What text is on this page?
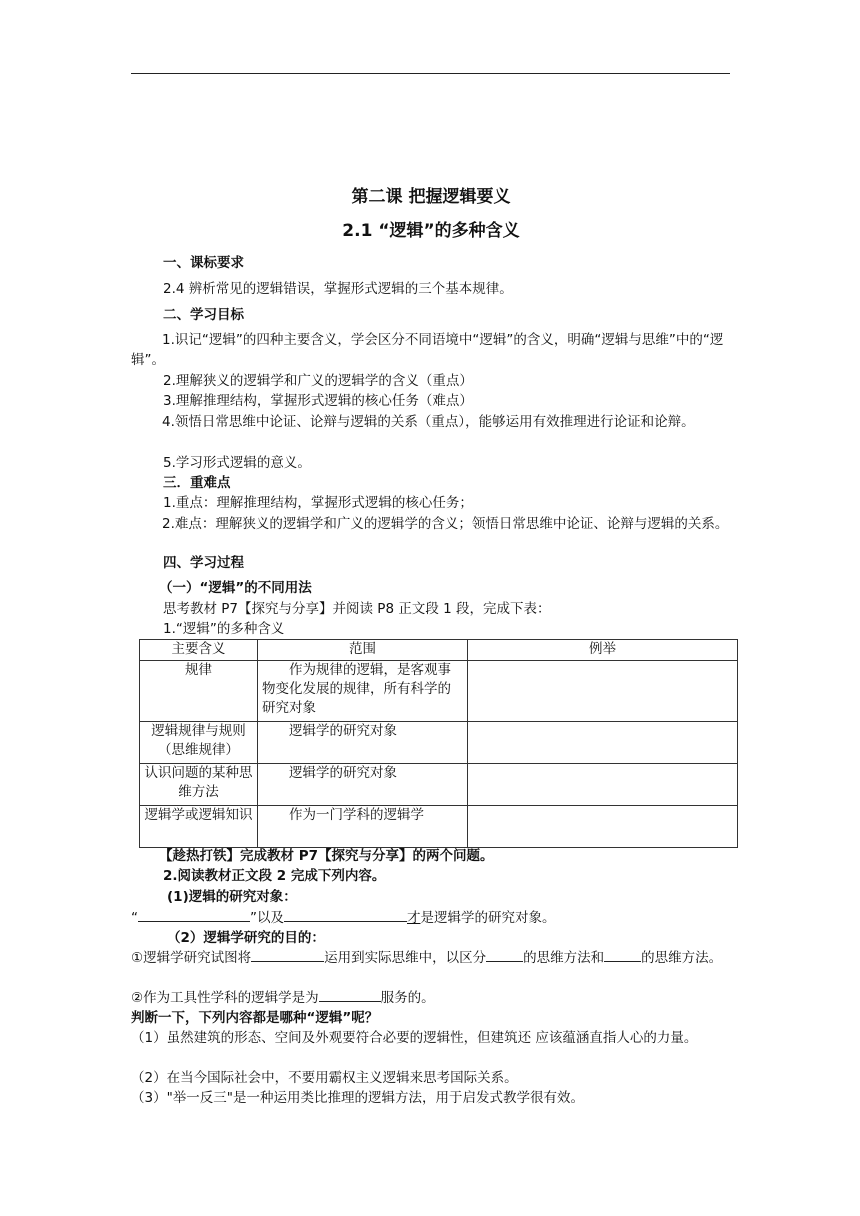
第二课 把握逻辑要义
2.1 “逻辑”的多种含义
一、课标要求
2.4 辨析常见的逻辑错误，掌握形式逻辑的三个基本规律。
二、学习目标
1.识记“逻辑”的四种主要含义，学会区分不同语境中“逻辑”的含义，明确“逻辑与思维”中的“逻辑”。
2.理解狭义的逻辑学和广义的逻辑学的含义（重点）
3.理解推理结构，掌握形式逻辑的核心任务（难点）
4.领悟日常思维中论证、论辩与逻辑的关系（重点），能够运用有效推理进行论证和论辩。
5.学习形式逻辑的意义。
三．重难点
1.重点：理解推理结构，掌握形式逻辑的核心任务；
2.难点：理解狭义的逻辑学和广义的逻辑学的含义；领悟日常思维中论证、论辩与逻辑的关系。
四、学习过程
（一）“逻辑”的不同用法
思考教材 P7【探究与分享】并阅读 P8 正文段 1 段，完成下表：
1.“逻辑”的多种含义
主要含义	范围	例举
规律	作为规律的逻辑，是客观事物变化发展的规律，所有科学的研究对象	
逻辑规律与规则（思维规律）	逻辑学的研究对象	
认识问题的某种思维方法	逻辑学的研究对象	
逻辑学或逻辑知识	作为一门学科的逻辑学	
【趁热打铁】完成教材 P7【探究与分享】的两个问题。
2.阅读教材正文段 2 完成下列内容。
(1)逻辑的研究对象：
“	”以及	才是逻辑学的研究对象。
（2）逻辑学研究的目的：
①逻辑学研究试图将	运用到实际思维中，以区分	的思维方法和	的思维方法。
②作为工具性学科的逻辑学是为	服务的。
判断一下，下列内容都是哪种“逻辑”呢？
（1）虽然建筑的形态、空间及外观要符合必要的逻辑性，但建筑还 应该蕴涵直指人心的力量。
（2）在当今国际社会中，不要用霸权主义逻辑来思考国际关系。
（3）"举一反三"是一种运用类比推理的逻辑方法，用于启发式教学很有效。
